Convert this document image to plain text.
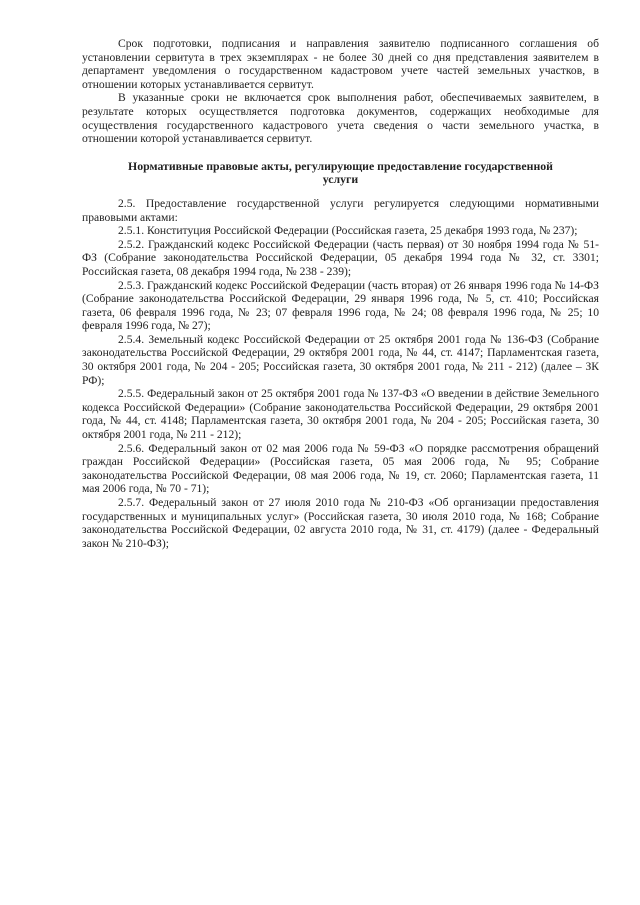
Срок подготовки, подписания и направления заявителю подписанного соглашения об установлении сервитута в трех экземплярах - не более 30 дней со дня представления заявителем в департамент уведомления о государственном кадастровом учете частей земельных участков, в отношении которых устанавливается сервитут.

В указанные сроки не включается срок выполнения работ, обеспечиваемых заявителем, в результате которых осуществляется подготовка документов, содержащих необходимые для осуществления государственного кадастрового учета сведения о части земельного участка, в отношении которой устанавливается сервитут.

Нормативные правовые акты, регулирующие предоставление государственной услуги

2.5. Предоставление государственной услуги регулируется следующими нормативными правовыми актами:

2.5.1. Конституция Российской Федерации (Российская газета, 25 декабря 1993 года, № 237);

2.5.2. Гражданский кодекс Российской Федерации (часть первая) от 30 ноября 1994 года № 51-ФЗ (Собрание законодательства Российской Федерации, 05 декабря 1994 года № 32, ст. 3301; Российская газета, 08 декабря 1994 года, № 238 - 239);

2.5.3. Гражданский кодекс Российской Федерации (часть вторая) от 26 января 1996 года № 14-ФЗ (Собрание законодательства Российской Федерации, 29 января 1996 года, № 5, ст. 410; Российская газета, 06 февраля 1996 года, № 23; 07 февраля 1996 года, № 24; 08 февраля 1996 года, № 25; 10 февраля 1996 года, № 27);

2.5.4. Земельный кодекс Российской Федерации от 25 октября 2001 года № 136-ФЗ (Собрание законодательства Российской Федерации, 29 октября 2001 года, № 44, ст. 4147; Парламентская газета, 30 октября 2001 года, № 204 - 205; Российская газета, 30 октября 2001 года, № 211 - 212) (далее – ЗК РФ);

2.5.5. Федеральный закон от 25 октября 2001 года № 137-ФЗ «О введении в действие Земельного кодекса Российской Федерации» (Собрание законодательства Российской Федерации, 29 октября 2001 года, № 44, ст. 4148; Парламентская газета, 30 октября 2001 года, № 204 - 205; Российская газета, 30 октября 2001 года, № 211 - 212);

2.5.6. Федеральный закон от 02 мая 2006 года № 59-ФЗ «О порядке рассмотрения обращений граждан Российской Федерации» (Российская газета, 05 мая 2006 года, № 95; Собрание законодательства Российской Федерации, 08 мая 2006 года, № 19, ст. 2060; Парламентская газета, 11 мая 2006 года, № 70 - 71);

2.5.7. Федеральный закон от 27 июля 2010 года № 210-ФЗ «Об организации предоставления государственных и муниципальных услуг» (Российская газета, 30 июля 2010 года, № 168; Собрание законодательства Российской Федерации, 02 августа 2010 года, № 31, ст. 4179) (далее - Федеральный закон № 210-ФЗ);
